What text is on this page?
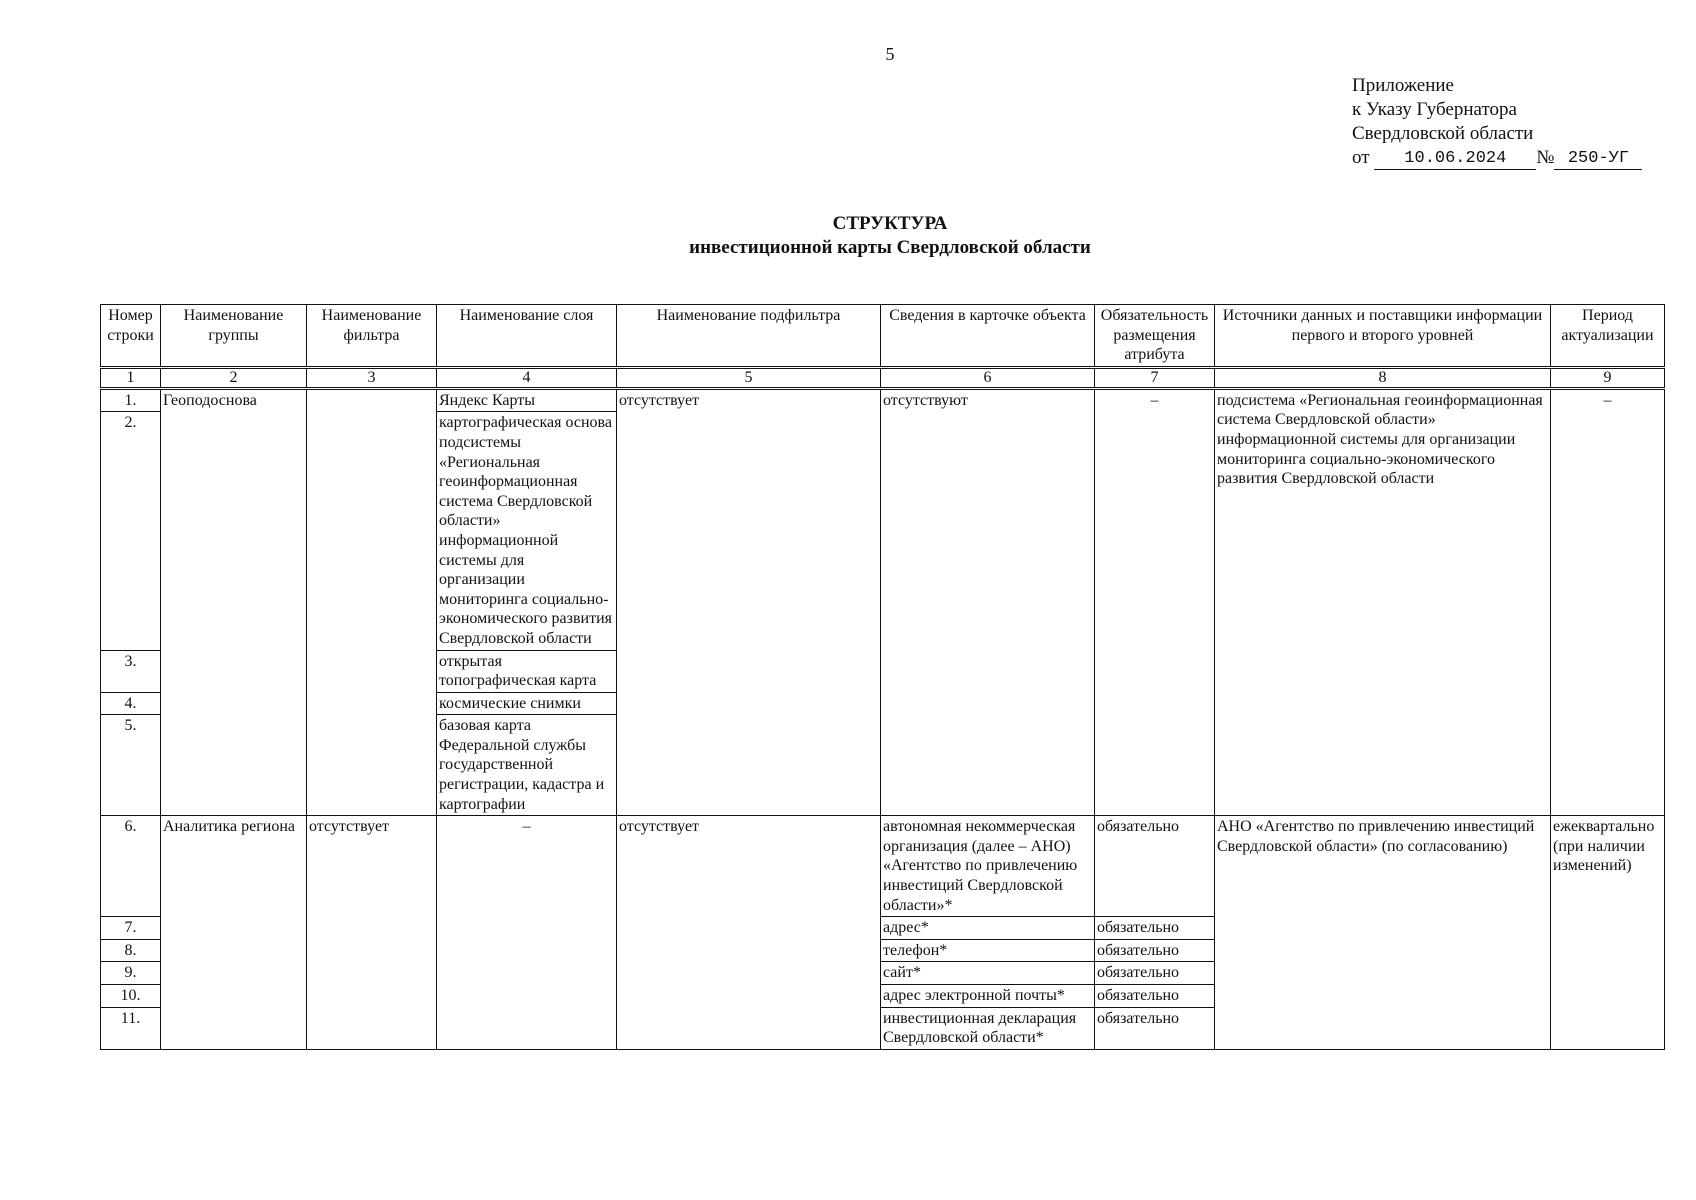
5
Приложение
к Указу Губернатора
Свердловской области
от
	10.06.2024	№ 250-УГ
СТРУКТУРА
инвестиционной карты Свердловской области
Номер строки	Наименование группы	Наименование фильтра	Наименование слоя	Наименование подфильтра	Сведения в карточке объекта	Обязательность размещения атрибута	Источники данных и поставщики информации первого и второго уровней	Период актуализации
1	2	3	4	5	6	7	8	9
1.	Геоподоснова		Яндекс Карты	отсутствует	отсутствуют	–	подсистема «Региональная геоинформационная система Свердловской области» информационной системы для организации мониторинга социально-экономического развития Свердловской области	–
2.			картографическая основа подсистемы «Региональная геоинформационная система Свердловской области» информационной системы для организации мониторинга социально-экономического развития Свердловской области					
3.			открытая топографическая карта					
4.			космические снимки					
5.			базовая карта Федеральной службы государственной регистрации, кадастра и картографии					
6.	Аналитика региона	отсутствует	–	отсутствует	автономная некоммерческая организация (далее – АНО) «Агентство по привлечению инвестиций Свердловской области»*	обязательно	АНО «Агентство по привлечению инвестиций Свердловской области» (по согласованию)	ежеквартально (при наличии изменений)
7.					адрес*	обязательно		
8.					телефон*	обязательно		
9.					сайт*	обязательно		
10.					адрес электронной почты*	обязательно		
11.					инвестиционная декларация Свердловской области*	обязательно		
